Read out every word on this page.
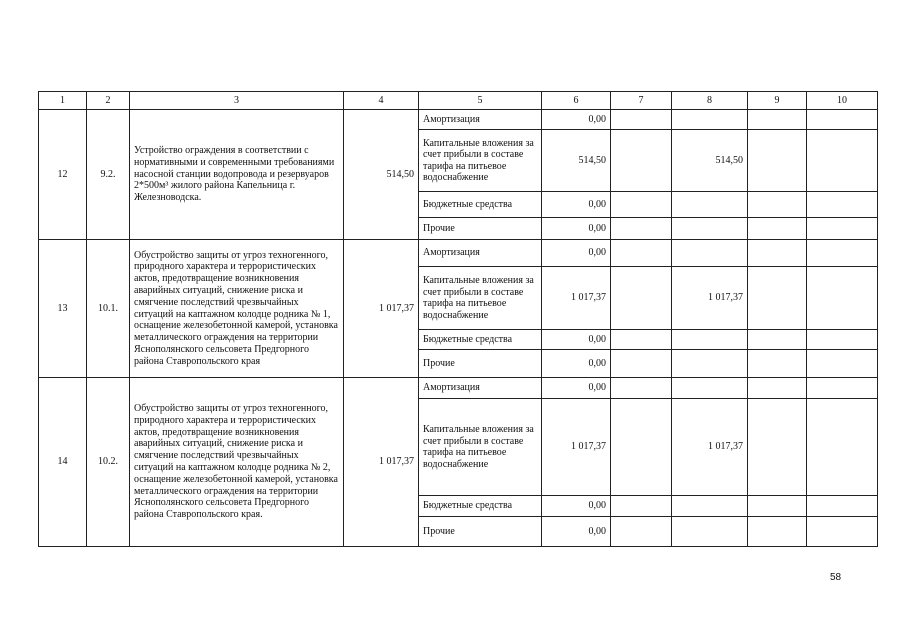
1	2	3	4	5	6	7	8	9	10
12	9.2.	Устройство ограждения в соответствии с нормативными и современными требованиями насосной станции водопровода и резервуаров 2*500м³ жилого района Капельница г. Железноводска.	514,50	Амортизация	0,00				
				Капитальные вложения за счет прибыли в составе тарифа на питьевое водоснабжение	514,50		514,50		
				Бюджетные средства	0,00				
				Прочие	0,00				
13	10.1.	Обустройство защиты от угроз техногенного, природного характера и террористических актов, предотвращение возникновения аварийных ситуаций, снижение риска и смягчение последствий чрезвычайных ситуаций на каптажном колодце родника № 1, оснащение железобетонной камерой, установка металлического ограждения на территории Яснополянского сельсовета Предгорного района Ставропольского края	1 017,37	Амортизация	0,00				
				Капитальные вложения за счет прибыли в составе тарифа на питьевое водоснабжение	1 017,37		1 017,37		
				Бюджетные средства	0,00				
				Прочие	0,00				
14	10.2.	Обустройство защиты от угроз техногенного, природного характера и террористических актов, предотвращение возникновения аварийных ситуаций, снижение риска и смягчение последствий чрезвычайных ситуаций на каптажном колодце родника № 2, оснащение железобетонной камерой, установка металлического ограждения на территории Яснополянского сельсовета Предгорного района Ставропольского края.	1 017,37	Амортизация	0,00				
				Капитальные вложения за счет прибыли в составе тарифа на питьевое водоснабжение	1 017,37		1 017,37		
				Бюджетные средства	0,00				
				Прочие	0,00				
58
